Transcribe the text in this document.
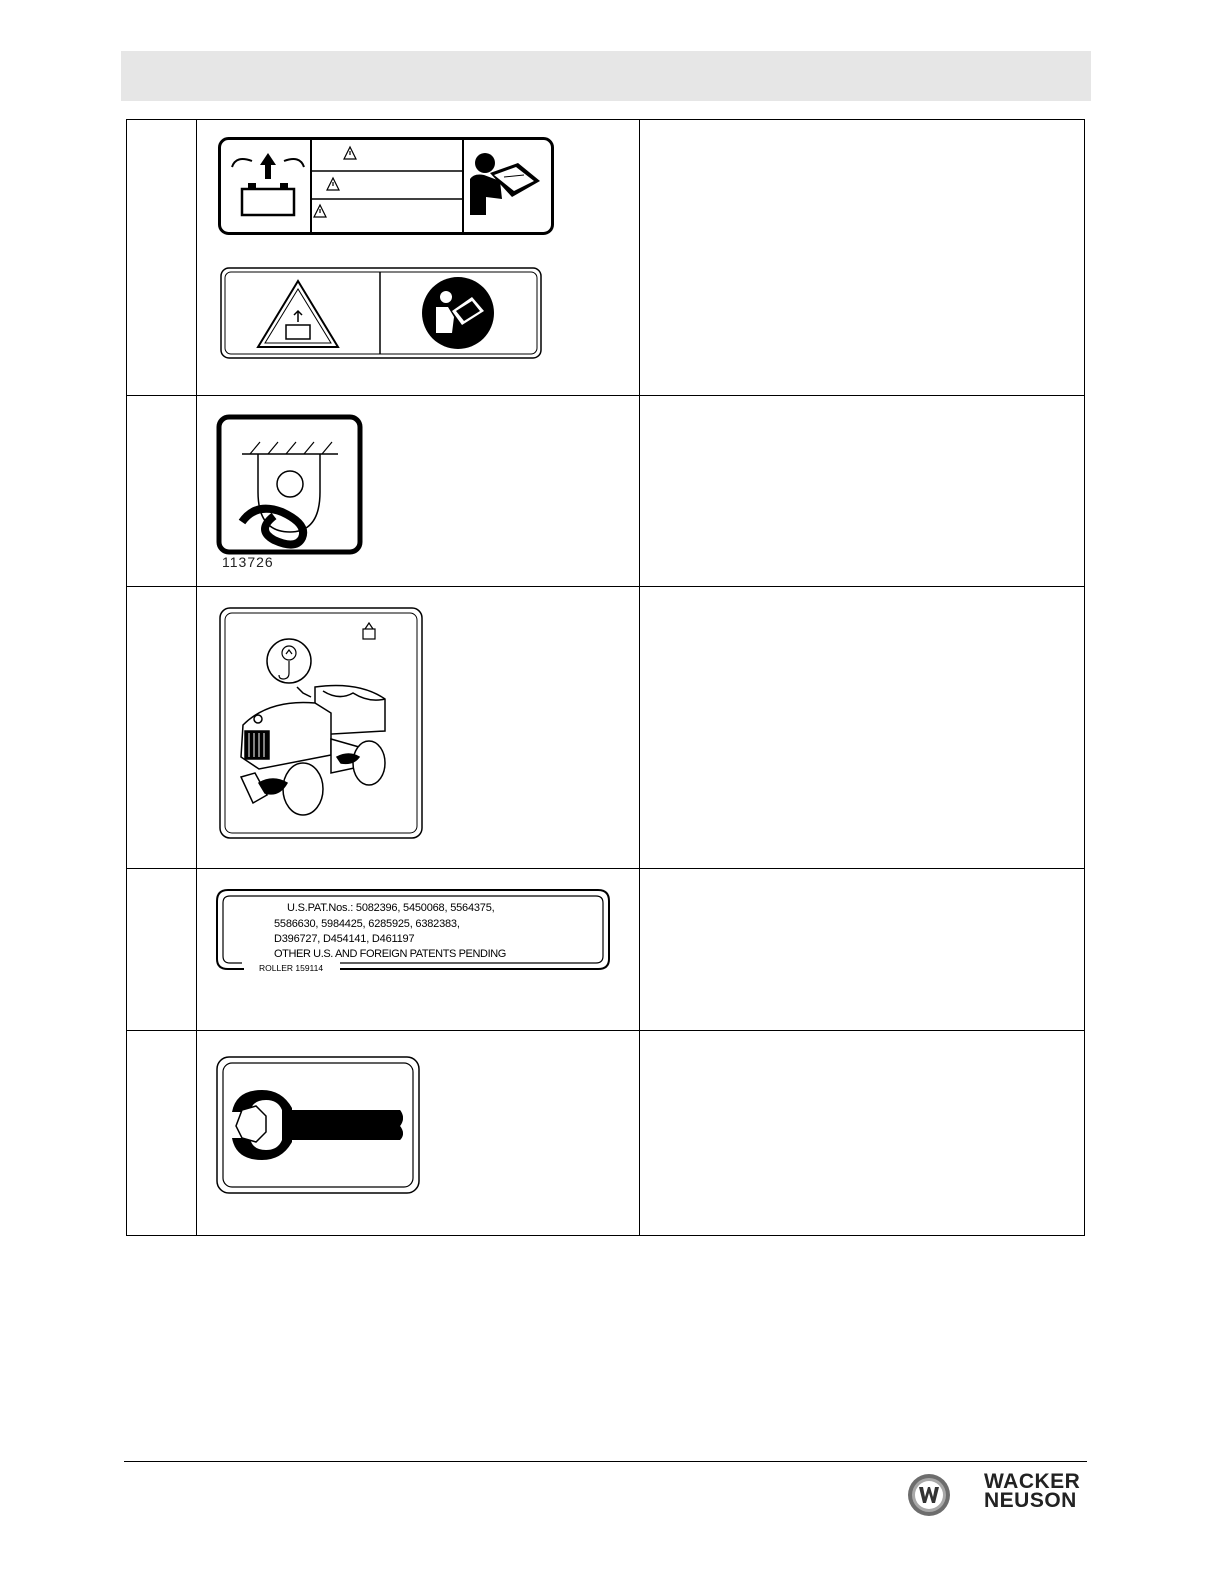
	113726	

	U.S.PAT.Nos.: 5082396, 5450068, 5564375,
5586630, 5984425, 6285925, 6382383,
D396727, D454141, D461197
OTHER U.S. AND FOREIGN PATENTS PENDING
ROLLER 159114	

WACKER
NEUSON
